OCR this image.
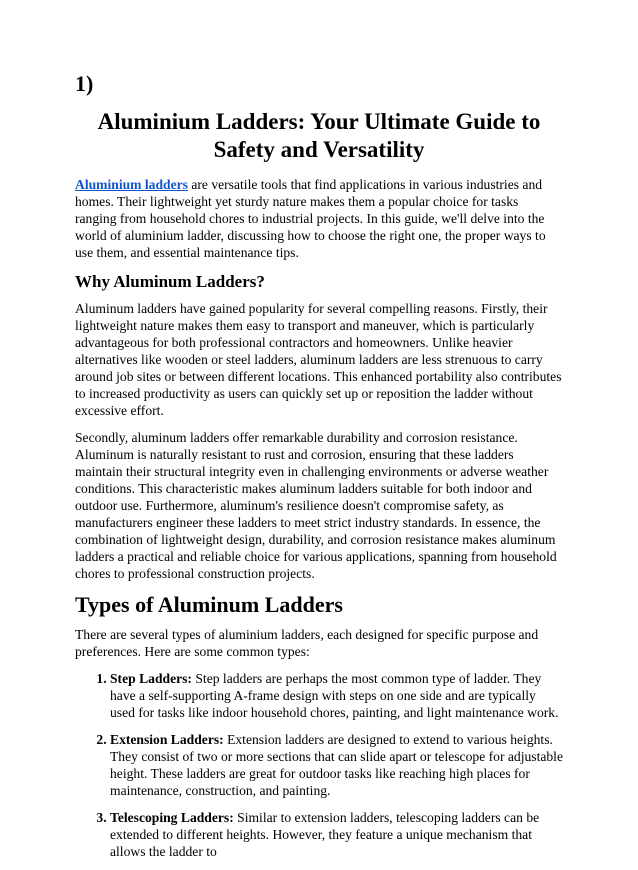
1)
Aluminium Ladders: Your Ultimate Guide to Safety and Versatility

Aluminium ladders are versatile tools that find applications in various industries and homes. Their lightweight yet sturdy nature makes them a popular choice for tasks ranging from household chores to industrial projects. In this guide, we'll delve into the world of aluminium ladder, discussing how to choose the right one, the proper ways to use them, and essential maintenance tips.

Why Aluminum Ladders?

Aluminum ladders have gained popularity for several compelling reasons. Firstly, their lightweight nature makes them easy to transport and maneuver, which is particularly advantageous for both professional contractors and homeowners. Unlike heavier alternatives like wooden or steel ladders, aluminum ladders are less strenuous to carry around job sites or between different locations. This enhanced portability also contributes to increased productivity as users can quickly set up or reposition the ladder without excessive effort.

Secondly, aluminum ladders offer remarkable durability and corrosion resistance. Aluminum is naturally resistant to rust and corrosion, ensuring that these ladders maintain their structural integrity even in challenging environments or adverse weather conditions. This characteristic makes aluminum ladders suitable for both indoor and outdoor use. Furthermore, aluminum's resilience doesn't compromise safety, as manufacturers engineer these ladders to meet strict industry standards. In essence, the combination of lightweight design, durability, and corrosion resistance makes aluminum ladders a practical and reliable choice for various applications, spanning from household chores to professional construction projects.

Types of Aluminum Ladders

There are several types of aluminium ladders, each designed for specific purpose and preferences. Here are some common types:

1. Step Ladders: Step ladders are perhaps the most common type of ladder. They have a self-supporting A-frame design with steps on one side and are typically used for tasks like indoor household chores, painting, and light maintenance work.
2. Extension Ladders: Extension ladders are designed to extend to various heights. They consist of two or more sections that can slide apart or telescope for adjustable height. These ladders are great for outdoor tasks like reaching high places for maintenance, construction, and painting.
3. Telescoping Ladders: Similar to extension ladders, telescoping ladders can be extended to different heights. However, they feature a unique mechanism that allows the ladder to
